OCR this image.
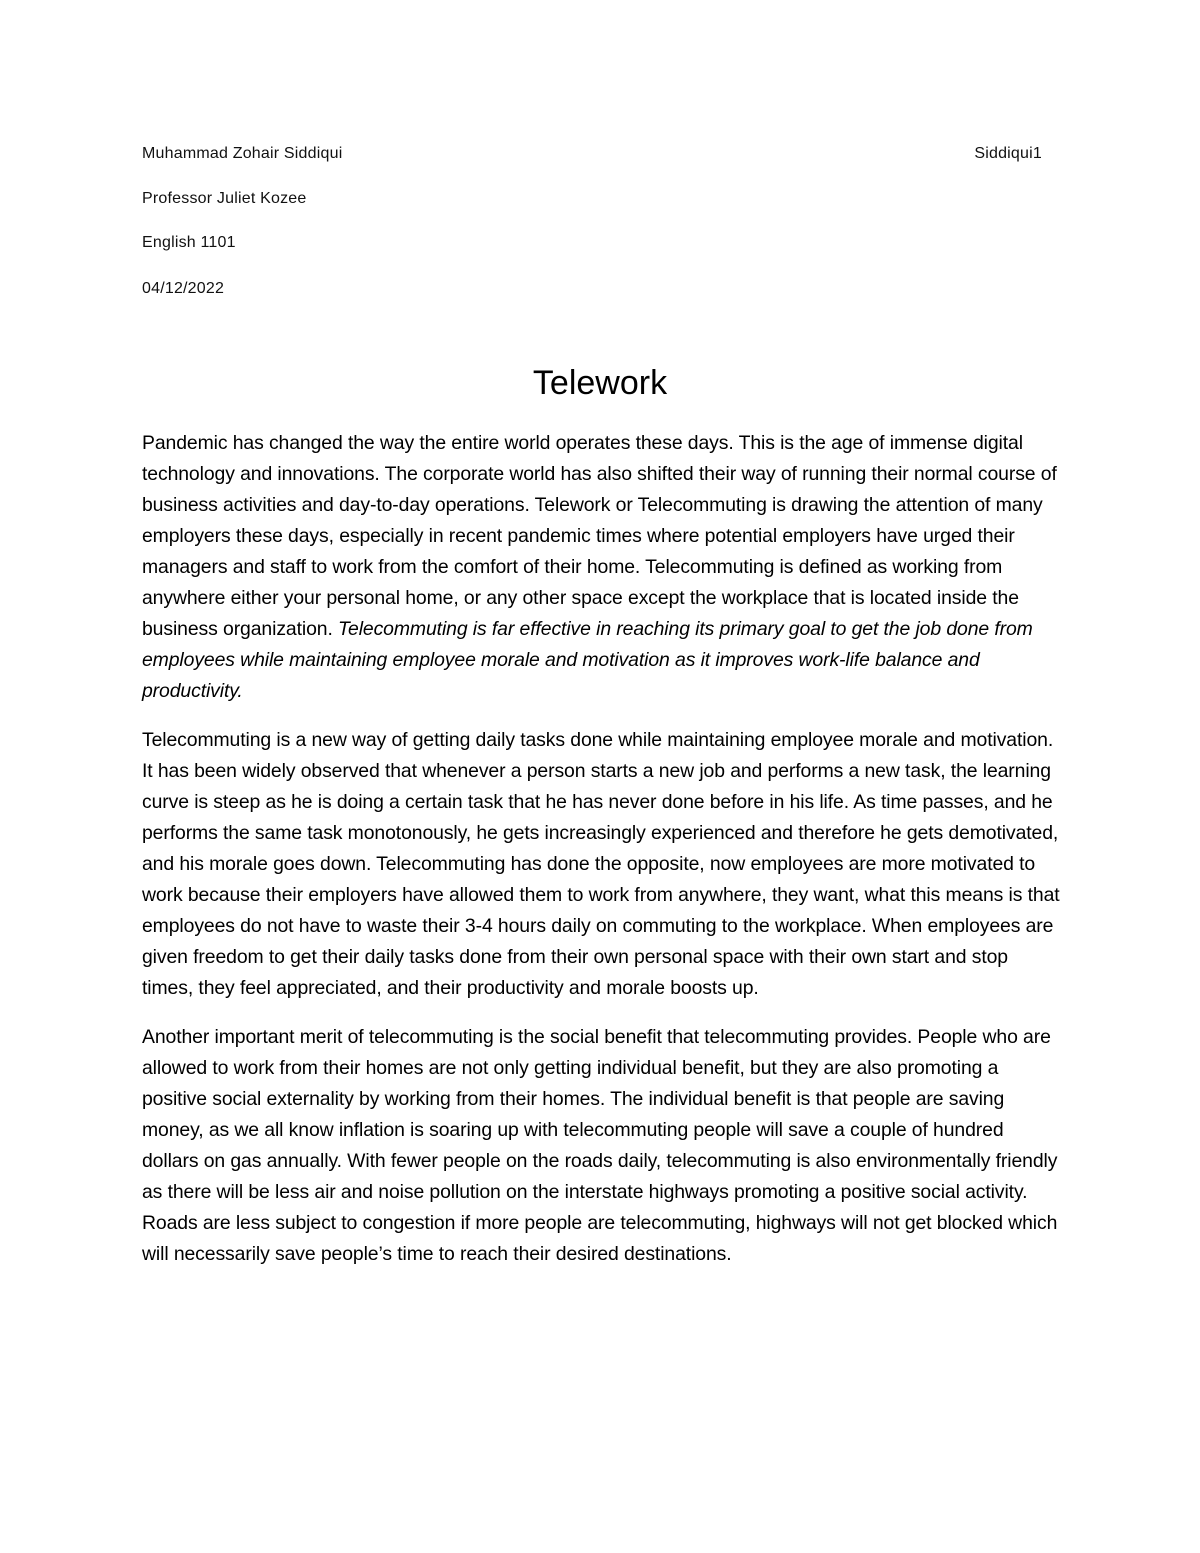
Muhammad Zohair Siddiqui	Siddiqui1
Professor Juliet Kozee
English 1101
04/12/2022
Telework

Pandemic has changed the way the entire world operates these days. This is the age of immense digital technology and innovations. The corporate world has also shifted their way of running their normal course of business activities and day-to-day operations. Telework or Telecommuting is drawing the attention of many employers these days, especially in recent pandemic times where potential employers have urged their managers and staff to work from the comfort of their home. Telecommuting is defined as working from anywhere either your personal home, or any other space except the workplace that is located inside the business organization. Telecommuting is far effective in reaching its primary goal to get the job done from employees while maintaining employee morale and motivation as it improves work-life balance and productivity.

Telecommuting is a new way of getting daily tasks done while maintaining employee morale and motivation. It has been widely observed that whenever a person starts a new job and performs a new task, the learning curve is steep as he is doing a certain task that he has never done before in his life. As time passes, and he performs the same task monotonously, he gets increasingly experienced and therefore he gets demotivated, and his morale goes down. Telecommuting has done the opposite, now employees are more motivated to work because their employers have allowed them to work from anywhere, they want, what this means is that employees do not have to waste their 3-4 hours daily on commuting to the workplace. When employees are given freedom to get their daily tasks done from their own personal space with their own start and stop times, they feel appreciated, and their productivity and morale boosts up.

Another important merit of telecommuting is the social benefit that telecommuting provides. People who are allowed to work from their homes are not only getting individual benefit, but they are also promoting a positive social externality by working from their homes. The individual benefit is that people are saving money, as we all know inflation is soaring up with telecommuting people will save a couple of hundred dollars on gas annually. With fewer people on the roads daily, telecommuting is also environmentally friendly as there will be less air and noise pollution on the interstate highways promoting a positive social activity. Roads are less subject to congestion if more people are telecommuting, highways will not get blocked which will necessarily save people’s time to reach their desired destinations.
